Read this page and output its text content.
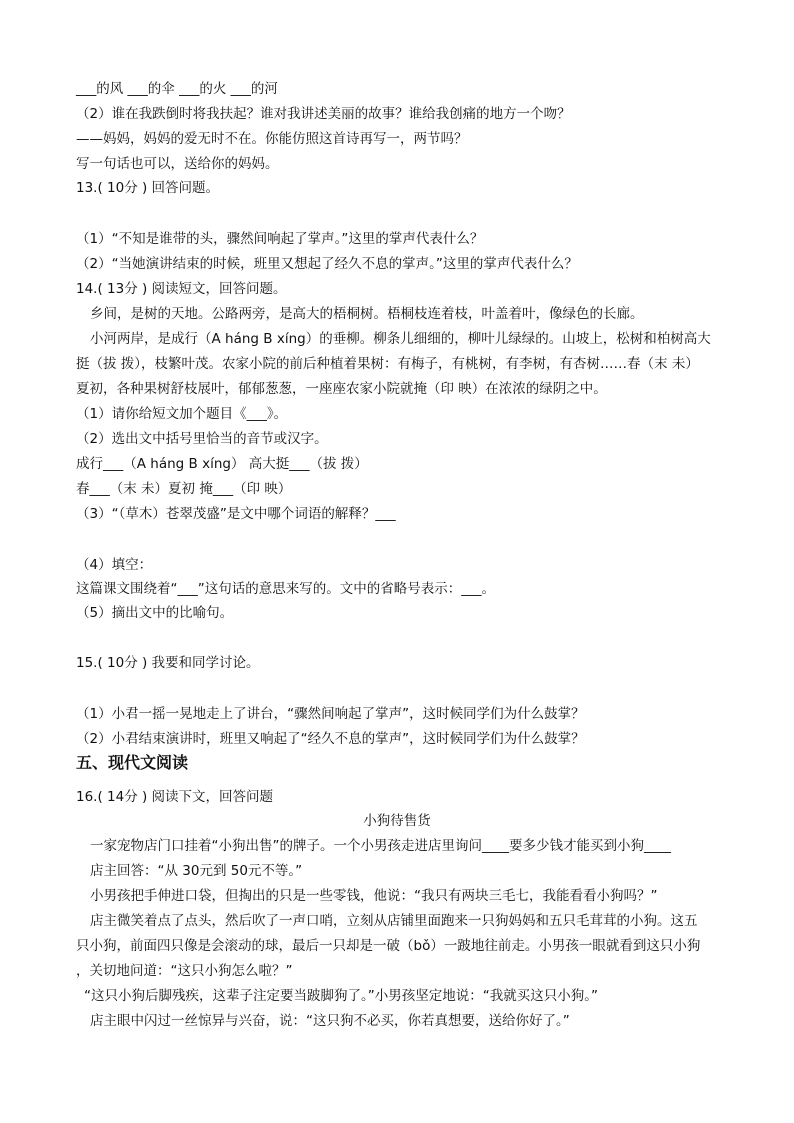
___的风 ___的伞 ___的火 ___的河
（2）谁在我跌倒时将我扶起？谁对我讲述美丽的故事？谁给我创痛的地方一个吻？
——妈妈，妈妈的爱无时不在。你能仿照这首诗再写一，两节吗？
写一句话也可以，送给你的妈妈。
13.( 10分 ) 回答问题。
（1）“不知是谁带的头，骤然间响起了掌声。”这里的掌声代表什么？
（2）“当她演讲结束的时候，班里又想起了经久不息的掌声。”这里的掌声代表什么？
14.( 13分 ) 阅读短文，回答问题。
乡间，是树的天地。公路两旁，是高大的梧桐树。梧桐枝连着枝，叶盖着叶，像绿色的长廊。
小河两岸，是成行（A háng B xíng）的垂柳。柳条儿细细的，柳叶儿绿绿的。山坡上，松树和柏树高大
挺（拔 拨），枝繁叶茂。农家小院的前后种植着果树：有梅子，有桃树，有李树，有杏树……春（末 未）
夏初，各种果树舒枝展叶，郁郁葱葱，一座座农家小院就掩（印 映）在浓浓的绿阴之中。
（1）请你给短文加个题目《___》。
（2）选出文中括号里恰当的音节或汉字。
成行___（A háng B xíng） 高大挺___（拔 拨）
春___（末 未）夏初 掩___（印 映）
（3）“（草木）苍翠茂盛”是文中哪个词语的解释？___
（4）填空：
这篇课文围绕着“___”这句话的意思来写的。文中的省略号表示：___。
（5）摘出文中的比喻句。
15.( 10分 ) 我要和同学讨论。
（1）小君一摇一晃地走上了讲台，“骤然间响起了掌声”，这时候同学们为什么鼓掌？
（2）小君结束演讲时，班里又响起了“经久不息的掌声”，这时候同学们为什么鼓掌？
五、现代文阅读
16.( 14分 ) 阅读下文，回答问题
小狗待售货
一家宠物店门口挂着“小狗出售”的牌子。一个小男孩走进店里询问____要多少钱才能买到小狗____
店主回答：“从 30元到 50元不等。”
小男孩把手伸进口袋，但掏出的只是一些零钱，他说：“我只有两块三毛七，我能看看小狗吗？”
店主微笑着点了点头，然后吹了一声口哨，立刻从店铺里面跑来一只狗妈妈和五只毛茸茸的小狗。这五
只小狗，前面四只像是会滚动的球，最后一只却是一破（bǒ）一跛地往前走。小男孩一眼就看到这只小狗
，关切地问道：“这只小狗怎么啦？”
“这只小狗后脚残疾，这辈子注定要当跛脚狗了。”小男孩坚定地说：“我就买这只小狗。”
店主眼中闪过一丝惊异与兴奋，说：“这只狗不必买，你若真想要，送给你好了。”
